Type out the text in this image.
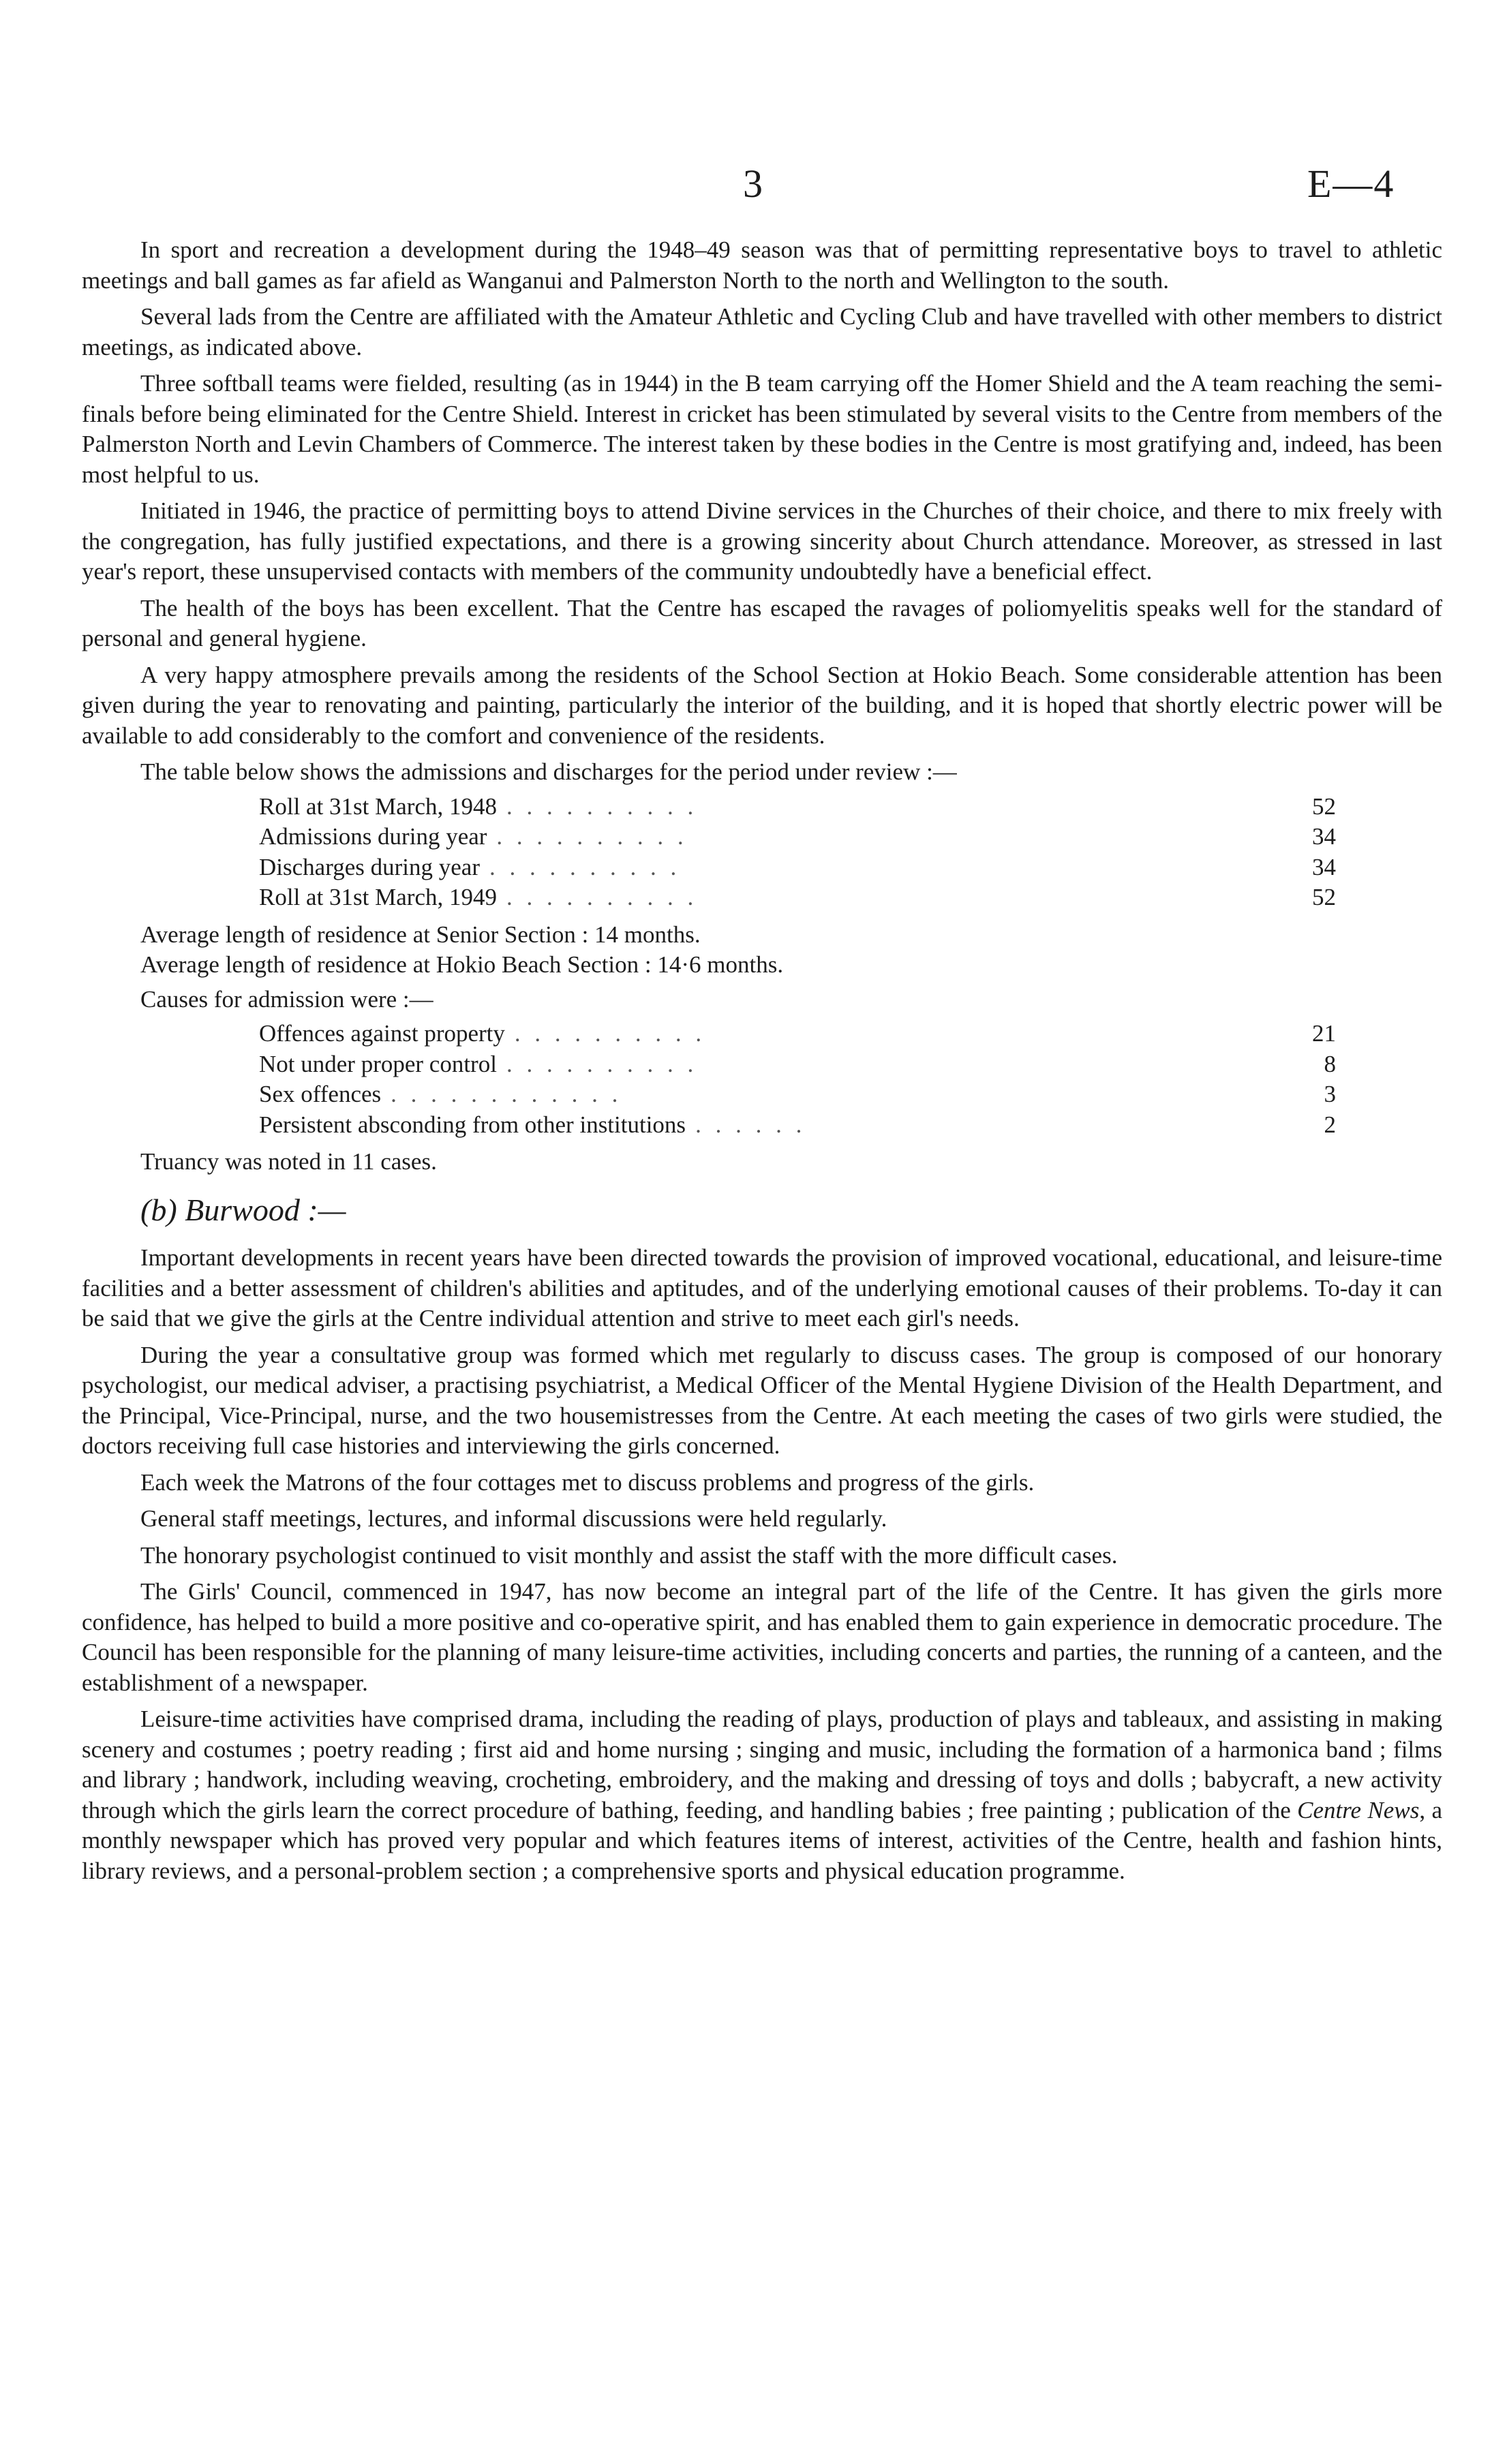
3	E—4

In sport and recreation a development during the 1948–49 season was that of permitting representative boys to travel to athletic meetings and ball games as far afield as Wanganui and Palmerston North to the north and Wellington to the south.

Several lads from the Centre are affiliated with the Amateur Athletic and Cycling Club and have travelled with other members to district meetings, as indicated above.

Three softball teams were fielded, resulting (as in 1944) in the B team carrying off the Homer Shield and the A team reaching the semi-finals before being eliminated for the Centre Shield. Interest in cricket has been stimulated by several visits to the Centre from members of the Palmerston North and Levin Chambers of Commerce. The interest taken by these bodies in the Centre is most gratifying and, indeed, has been most helpful to us.

Initiated in 1946, the practice of permitting boys to attend Divine services in the Churches of their choice, and there to mix freely with the congregation, has fully justified expectations, and there is a growing sincerity about Church attendance. Moreover, as stressed in last year's report, these unsupervised contacts with members of the community undoubtedly have a beneficial effect.

The health of the boys has been excellent. That the Centre has escaped the ravages of poliomyelitis speaks well for the standard of personal and general hygiene.

A very happy atmosphere prevails among the residents of the School Section at Hokio Beach. Some considerable attention has been given during the year to renovating and painting, particularly the interior of the building, and it is hoped that shortly electric power will be available to add considerably to the comfort and convenience of the residents.

The table below shows the admissions and discharges for the period under review :—

Roll at 31st March, 1948 . . . . . . . . . .	52
Admissions during year . . . . . . . . . .	34
Discharges during year . . . . . . . . . .	34
Roll at 31st March, 1949 . . . . . . . . . .	52

Average length of residence at Senior Section : 14 months.

Average length of residence at Hokio Beach Section : 14·6 months.

Causes for admission were :—

Offences against property . . . . . . . . . .	21
Not under proper control . . . . . . . . . .	8
Sex offences . . . . . . . . . . . .	3
Persistent absconding from other institutions . . . . . .	2

Truancy was noted in 11 cases.

(b) Burwood :—

Important developments in recent years have been directed towards the provision of improved vocational, educational, and leisure-time facilities and a better assessment of children's abilities and aptitudes, and of the underlying emotional causes of their problems. To-day it can be said that we give the girls at the Centre individual attention and strive to meet each girl's needs.

During the year a consultative group was formed which met regularly to discuss cases. The group is composed of our honorary psychologist, our medical adviser, a practising psychiatrist, a Medical Officer of the Mental Hygiene Division of the Health Department, and the Principal, Vice-Principal, nurse, and the two housemistresses from the Centre. At each meeting the cases of two girls were studied, the doctors receiving full case histories and interviewing the girls concerned.

Each week the Matrons of the four cottages met to discuss problems and progress of the girls.

General staff meetings, lectures, and informal discussions were held regularly.

The honorary psychologist continued to visit monthly and assist the staff with the more difficult cases.

The Girls' Council, commenced in 1947, has now become an integral part of the life of the Centre. It has given the girls more confidence, has helped to build a more positive and co-operative spirit, and has enabled them to gain experience in democratic procedure. The Council has been responsible for the planning of many leisure-time activities, including concerts and parties, the running of a canteen, and the establishment of a newspaper.

Leisure-time activities have comprised drama, including the reading of plays, production of plays and tableaux, and assisting in making scenery and costumes ; poetry reading ; first aid and home nursing ; singing and music, including the formation of a harmonica band ; films and library ; handwork, including weaving, crocheting, embroidery, and the making and dressing of toys and dolls ; babycraft, a new activity through which the girls learn the correct procedure of bathing, feeding, and handling babies ; free painting ; publication of the Centre News, a monthly newspaper which has proved very popular and which features items of interest, activities of the Centre, health and fashion hints, library reviews, and a personal-problem section ; a comprehensive sports and physical education programme.
